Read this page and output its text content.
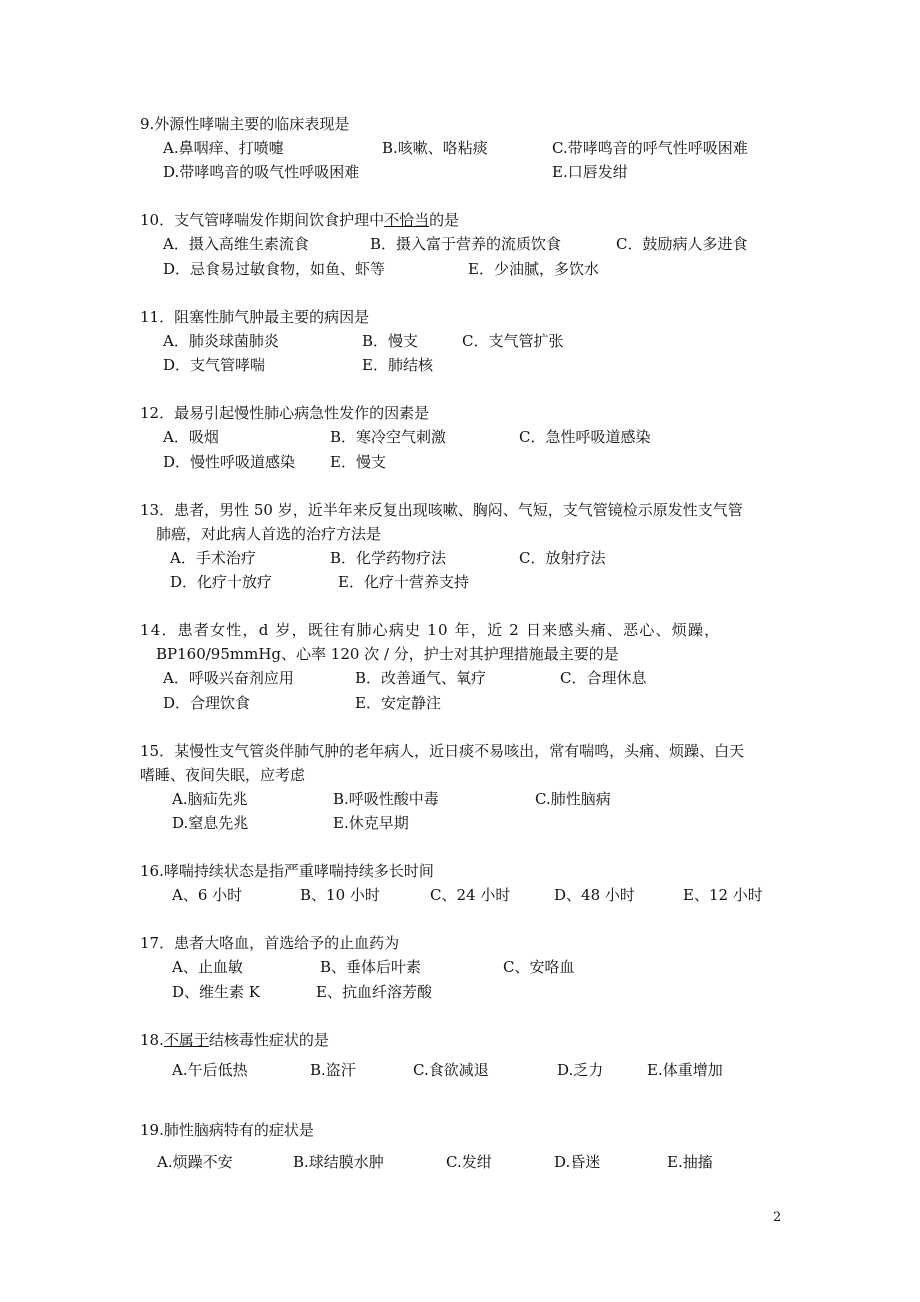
9.外源性哮喘主要的临床表现是
A.鼻咽痒、打喷嚏	B.咳嗽、咯粘痰	C.带哮鸣音的呼气性呼吸困难
D.带哮鸣音的吸气性呼吸困难	E.口唇发绀
10．支气管哮喘发作期间饮食护理中不恰当的是
A．摄入高维生素流食	B．摄入富于营养的流质饮食	C．鼓励病人多进食
D．忌食易过敏食物，如鱼、虾等	E．少油腻，多饮水
11．阻塞性肺气肿最主要的病因是
A．肺炎球菌肺炎	B．慢支	C．支气管扩张
D．支气管哮喘	E．肺结核
12．最易引起慢性肺心病急性发作的因素是
A．吸烟	B．寒冷空气刺激	C．急性呼吸道感染
D．慢性呼吸道感染 E．慢支
13．患者，男性 50 岁，近半年来反复出现咳嗽、胸闷、气短，支气管镜检示原发性支气管
肺癌，对此病人首选的治疗方法是
A．手术治疗	B．化学药物疗法	C．放射疗法
D．化疗十放疗	E．化疗十营养支持
14．患者女性，d 岁，既往有肺心病史 10 年，近 2 日来感头痛、恶心、烦躁，
BP160/95mmHg、心率 120 次 / 分，护士对其护理措施最主要的是
A．呼吸兴奋剂应用	B．改善通气、氧疗	C．合理休息
D．合理饮食	E．安定静注
15．某慢性支气管炎伴肺气肿的老年病人，近日痰不易咳出，常有喘鸣，头痛、烦躁、白天
嗜睡、夜间失眠，应考虑
A.脑疝先兆	B.呼吸性酸中毒	C.肺性脑病
D.窒息先兆	E.休克早期
16.哮喘持续状态是指严重哮喘持续多长时间
A、6 小时	B、10 小时	C、24 小时	D、48 小时	E、12 小时
17．患者大咯血，首选给予的止血药为
A、止血敏	B、垂体后叶素	C、安咯血
D、维生素 K	E、抗血纤溶芳酸
18.不属于结核毒性症状的是
A.午后低热	B.盗汗	C.食欲减退	D.乏力	E.体重增加
19.肺性脑病特有的症状是
A.烦躁不安	B.球结膜水肿	C.发绀	D.昏迷	E.抽搐
2
